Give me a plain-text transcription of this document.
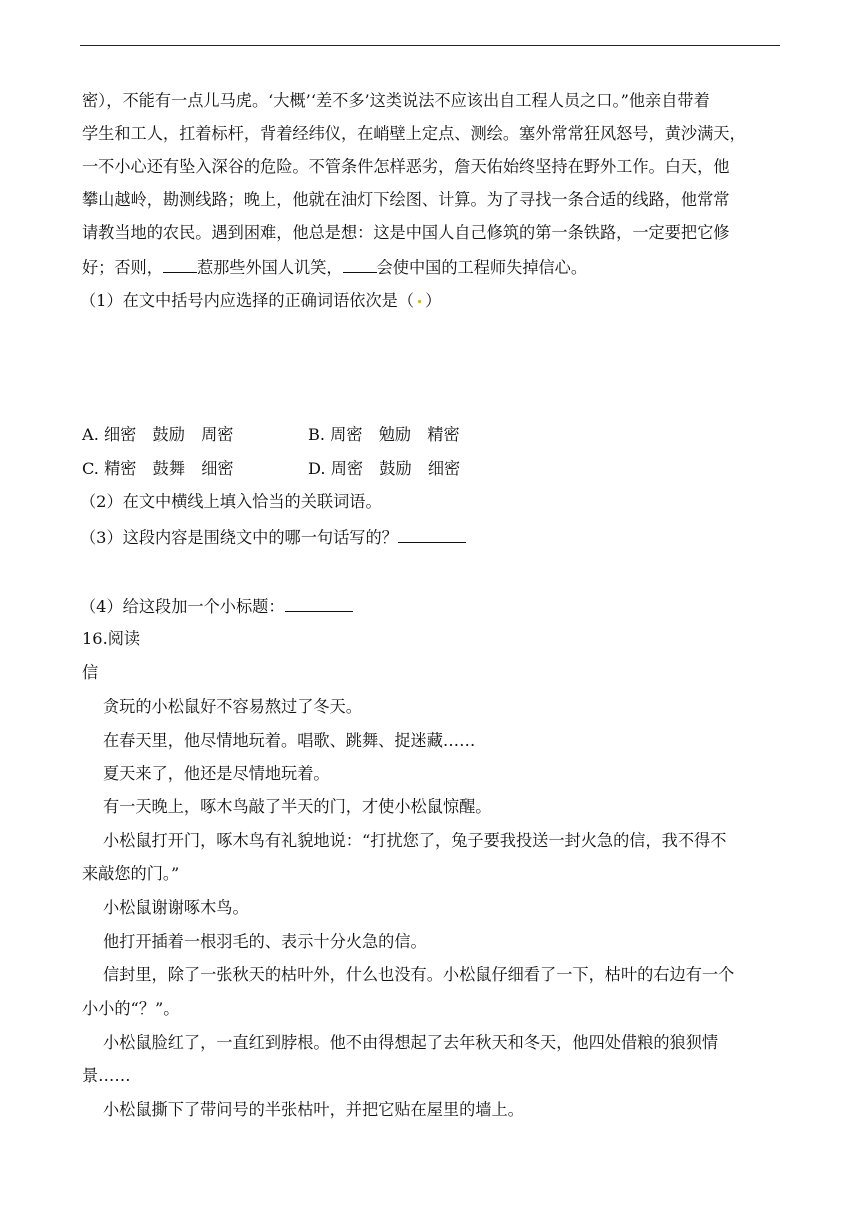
密），不能有一点儿马虎。‘大概’‘差不多’这类说法不应该出自工程人员之口。”他亲自带着
学生和工人，扛着标杆，背着经纬仪，在峭壁上定点、测绘。塞外常常狂风怒号，黄沙满天，
一不小心还有坠入深谷的危险。不管条件怎样恶劣，詹天佑始终坚持在野外工作。白天，他
攀山越岭，勘测线路；晚上，他就在油灯下绘图、计算。为了寻找一条合适的线路，他常常
请教当地的农民。遇到困难，他总是想：这是中国人自己修筑的第一条铁路，一定要把它修
好；否则， 惹那些外国人讥笑， 会使中国的工程师失掉信心。
（1）在文中括号内应选择的正确词语依次是（ ）
A. 细密　鼓励　周密	B. 周密　勉励　精密
C. 精密　鼓舞　细密	D. 周密　鼓励　细密
（2）在文中横线上填入恰当的关联词语。
（3）这段内容是围绕文中的哪一句话写的？
（4）给这段加一个小标题：
16.阅读
信
贪玩的小松鼠好不容易熬过了冬天。
在春天里，他尽情地玩着。唱歌、跳舞、捉迷藏……
夏天来了，他还是尽情地玩着。
有一天晚上，啄木鸟敲了半天的门，才使小松鼠惊醒。
小松鼠打开门，啄木鸟有礼貌地说：“打扰您了，兔子要我投送一封火急的信，我不得不
来敲您的门。”
小松鼠谢谢啄木鸟。
他打开插着一根羽毛的、表示十分火急的信。
信封里，除了一张秋天的枯叶外，什么也没有。小松鼠仔细看了一下，枯叶的右边有一个
小小的“？”。
小松鼠脸红了，一直红到脖根。他不由得想起了去年秋天和冬天，他四处借粮的狼狈情
景……
小松鼠撕下了带问号的半张枯叶，并把它贴在屋里的墙上。
